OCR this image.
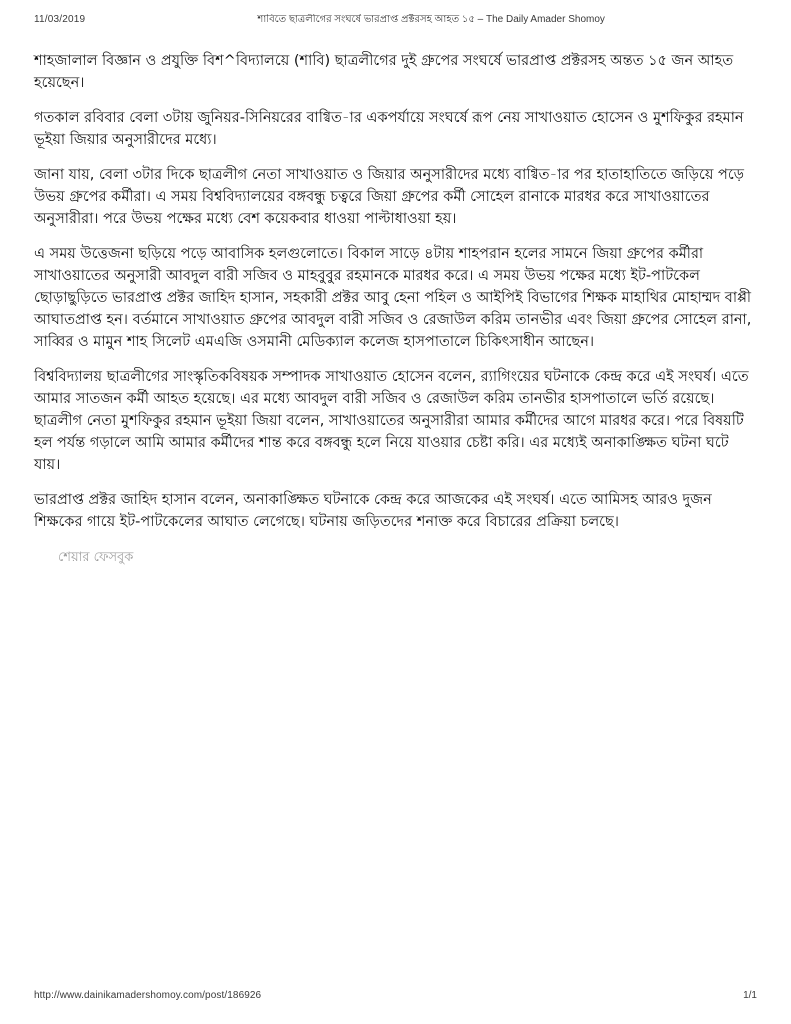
11/03/2019	শাবিতে ছাত্রলীগের সংঘর্ষে ভারপ্রাপ্ত প্রক্টরসহ আহত ১৫ – The Daily Amader Shomoy

শাহজালাল বিজ্ঞান ও প্রযুক্তি বিশ^বিদ্যালয়ে (শাবি) ছাত্রলীগের দুই গ্রুপের সংঘর্ষে ভারপ্রাপ্ত প্রক্টরসহ অন্তত ১৫ জন আহত হয়েছেন।

গতকাল রবিবার বেলা ৩টায় জুনিয়র-সিনিয়রের বাগ্বিত-ার একপর্যায়ে সংঘর্ষে রূপ নেয় সাখাওয়াত হোসেন ও মুশফিকুর রহমান ভূইয়া জিয়ার অনুসারীদের মধ্যে।

জানা যায়, বেলা ৩টার দিকে ছাত্রলীগ নেতা সাখাওয়াত ও জিয়ার অনুসারীদের মধ্যে বাগ্বিত-ার পর হাতাহাতিতে জড়িয়ে পড়ে উভয় গ্রুপের কর্মীরা। এ সময় বিশ্ববিদ্যালয়ের বঙ্গবন্ধু চত্বরে জিয়া গ্রুপের কর্মী সোহেল রানাকে মারধর করে সাখাওয়াতের অনুসারীরা। পরে উভয় পক্ষের মধ্যে বেশ কয়েকবার ধাওয়া পাল্টাধাওয়া হয়।

এ সময় উত্তেজনা ছড়িয়ে পড়ে আবাসিক হলগুলোতে। বিকাল সাড়ে ৪টায় শাহপরান হলের সামনে জিয়া গ্রুপের কর্মীরা সাখাওয়াতের অনুসারী আবদুল বারী সজিব ও মাহবুবুর রহমানকে মারধর করে। এ সময় উভয় পক্ষের মধ্যে ইট-পাটকেল ছোড়াছুড়িতে ভারপ্রাপ্ত প্রক্টর জাহিদ হাসান, সহকারী প্রক্টর আবু হেনা পহিল ও আইপিই বিভাগের শিক্ষক মাহাথির মোহাম্মদ বাপ্পী আঘাতপ্রাপ্ত হন। বর্তমানে সাখাওয়াত গ্রুপের আবদুল বারী সজিব ও রেজাউল করিম তানভীর এবং জিয়া গ্রুপের সোহেল রানা, সাব্বির ও মামুন শাহ সিলেট এমএজি ওসমানী মেডিক্যাল কলেজ হাসপাতালে চিকিৎসাধীন আছেন।

বিশ্ববিদ্যালয় ছাত্রলীগের সাংস্কৃতিকবিষয়ক সম্পাদক সাখাওয়াত হোসেন বলেন, র‌্যাগিংয়ের ঘটনাকে কেন্দ্র করে এই সংঘর্ষ। এতে আমার সাতজন কর্মী আহত হয়েছে। এর মধ্যে আবদুল বারী সজিব ও রেজাউল করিম তানভীর হাসপাতালে ভর্তি রয়েছে। ছাত্রলীগ নেতা মুশফিকুর রহমান ভূইয়া জিয়া বলেন, সাখাওয়াতের অনুসারীরা আমার কর্মীদের আগে মারধর করে। পরে বিষয়টি হল পর্যন্ত গড়ালে আমি আমার কর্মীদের শান্ত করে বঙ্গবন্ধু হলে নিয়ে যাওয়ার চেষ্টা করি। এর মধ্যেই অনাকাঙ্ক্ষিত ঘটনা ঘটে যায়।

ভারপ্রাপ্ত প্রক্টর জাহিদ হাসান বলেন, অনাকাঙ্ক্ষিত ঘটনাকে কেন্দ্র করে আজকের এই সংঘর্ষ। এতে আমিসহ আরও দুজন শিক্ষকের গায়ে ইট-পাটকেলের আঘাত লেগেছে। ঘটনায় জড়িতদের শনাক্ত করে বিচারের প্রক্রিয়া চলছে।

শেয়ার ফেসবুক
http://www.dainikamadershomoy.com/post/186926	1/1
